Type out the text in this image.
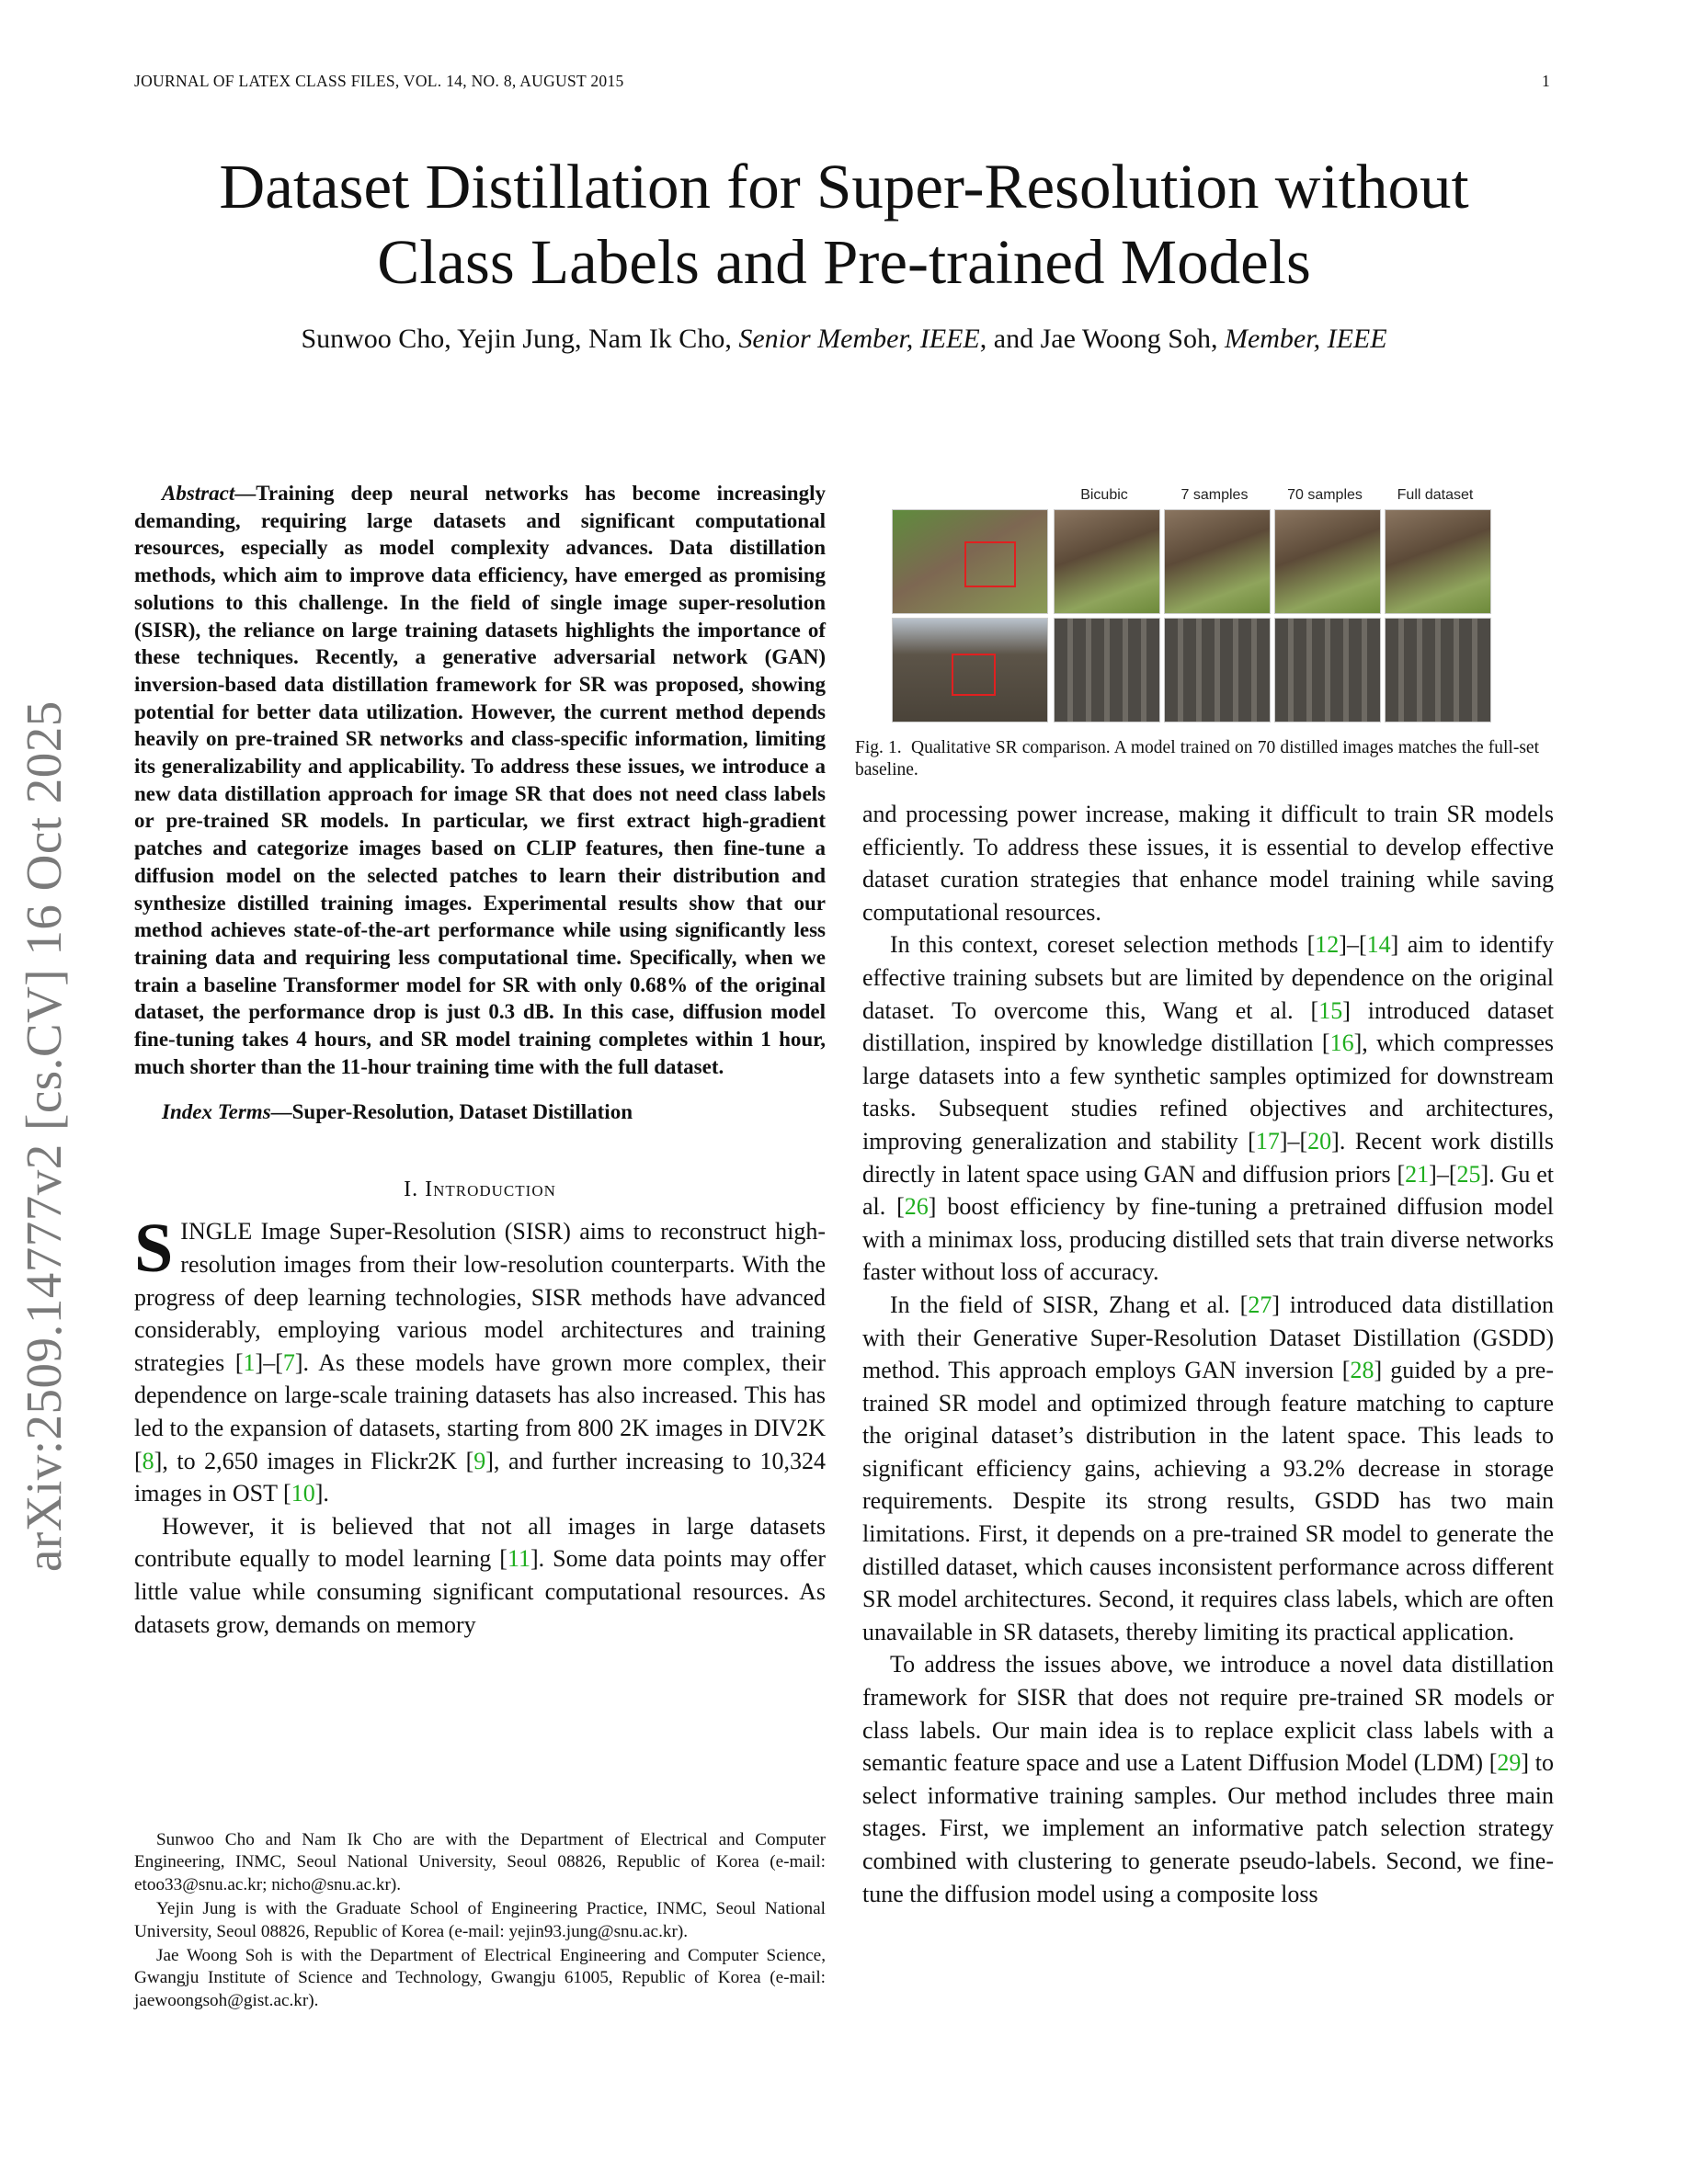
JOURNAL OF LATEX CLASS FILES, VOL. 14, NO. 8, AUGUST 2015	1
Dataset Distillation for Super-Resolution without
Class Labels and Pre-trained Models
Sunwoo Cho, Yejin Jung, Nam Ik Cho, Senior Member, IEEE, and Jae Woong Soh, Member, IEEE
arXiv:2509.14777v2 [cs.CV] 16 Oct 2025

Abstract—Training deep neural networks has become increasingly demanding, requiring large datasets and significant computational resources, especially as model complexity advances. Data distillation methods, which aim to improve data efficiency, have emerged as promising solutions to this challenge. In the field of single image super-resolution (SISR), the reliance on large training datasets highlights the importance of these techniques. Recently, a generative adversarial network (GAN) inversion-based data distillation framework for SR was proposed, showing potential for better data utilization. However, the current method depends heavily on pre-trained SR networks and class-specific information, limiting its generalizability and applicability. To address these issues, we introduce a new data distillation approach for image SR that does not need class labels or pre-trained SR models. In particular, we first extract high-gradient patches and categorize images based on CLIP features, then fine-tune a diffusion model on the selected patches to learn their distribution and synthesize distilled training images. Experimental results show that our method achieves state-of-the-art performance while using significantly less training data and requiring less computational time. Specifically, when we train a baseline Transformer model for SR with only 0.68% of the original dataset, the performance drop is just 0.3 dB. In this case, diffusion model fine-tuning takes 4 hours, and SR model training completes within 1 hour, much shorter than the 11-hour training time with the full dataset.

Index Terms—Super-Resolution, Dataset Distillation

I. Introduction

SINGLE Image Super-Resolution (SISR) aims to reconstruct high-resolution images from their low-resolution counterparts. With the progress of deep learning technologies, SISR methods have advanced considerably, employing various model architectures and training strategies [1]–[7]. As these models have grown more complex, their dependence on large-scale training datasets has also increased. This has led to the expansion of datasets, starting from 800 2K images in DIV2K [8], to 2,650 images in Flickr2K [9], and further increasing to 10,324 images in OST [10].

However, it is believed that not all images in large datasets contribute equally to model learning [11]. Some data points may offer little value while consuming significant computational resources. As datasets grow, demands on memory

Sunwoo Cho and Nam Ik Cho are with the Department of Electrical and Computer Engineering, INMC, Seoul National University, Seoul 08826, Republic of Korea (e-mail: etoo33@snu.ac.kr; nicho@snu.ac.kr).

Yejin Jung is with the Graduate School of Engineering Practice, INMC, Seoul National University, Seoul 08826, Republic of Korea (e-mail: yejin93.jung@snu.ac.kr).

Jae Woong Soh is with the Department of Electrical Engineering and Computer Science, Gwangju Institute of Science and Technology, Gwangju 61005, Republic of Korea (e-mail: jaewoongsoh@gist.ac.kr).

Bicubic	7 samples	70 samples	Full dataset
Fig. 1. Qualitative SR comparison. A model trained on 70 distilled images matches the full-set baseline.

and processing power increase, making it difficult to train SR models efficiently. To address these issues, it is essential to develop effective dataset curation strategies that enhance model training while saving computational resources.

In this context, coreset selection methods [12]–[14] aim to identify effective training subsets but are limited by dependence on the original dataset. To overcome this, Wang et al. [15] introduced dataset distillation, inspired by knowledge distillation [16], which compresses large datasets into a few synthetic samples optimized for downstream tasks. Subsequent studies refined objectives and architectures, improving generalization and stability [17]–[20]. Recent work distills directly in latent space using GAN and diffusion priors [21]–[25]. Gu et al. [26] boost efficiency by fine-tuning a pretrained diffusion model with a minimax loss, producing distilled sets that train diverse networks faster without loss of accuracy.

In the field of SISR, Zhang et al. [27] introduced data distillation with their Generative Super-Resolution Dataset Distillation (GSDD) method. This approach employs GAN inversion [28] guided by a pre-trained SR model and optimized through feature matching to capture the original dataset’s distribution in the latent space. This leads to significant efficiency gains, achieving a 93.2% decrease in storage requirements. Despite its strong results, GSDD has two main limitations. First, it depends on a pre-trained SR model to generate the distilled dataset, which causes inconsistent performance across different SR model architectures. Second, it requires class labels, which are often unavailable in SR datasets, thereby limiting its practical application.

To address the issues above, we introduce a novel data distillation framework for SISR that does not require pre-trained SR models or class labels. Our main idea is to replace explicit class labels with a semantic feature space and use a Latent Diffusion Model (LDM) [29] to select informative training samples. Our method includes three main stages. First, we implement an informative patch selection strategy combined with clustering to generate pseudo-labels. Second, we fine-tune the diffusion model using a composite loss
